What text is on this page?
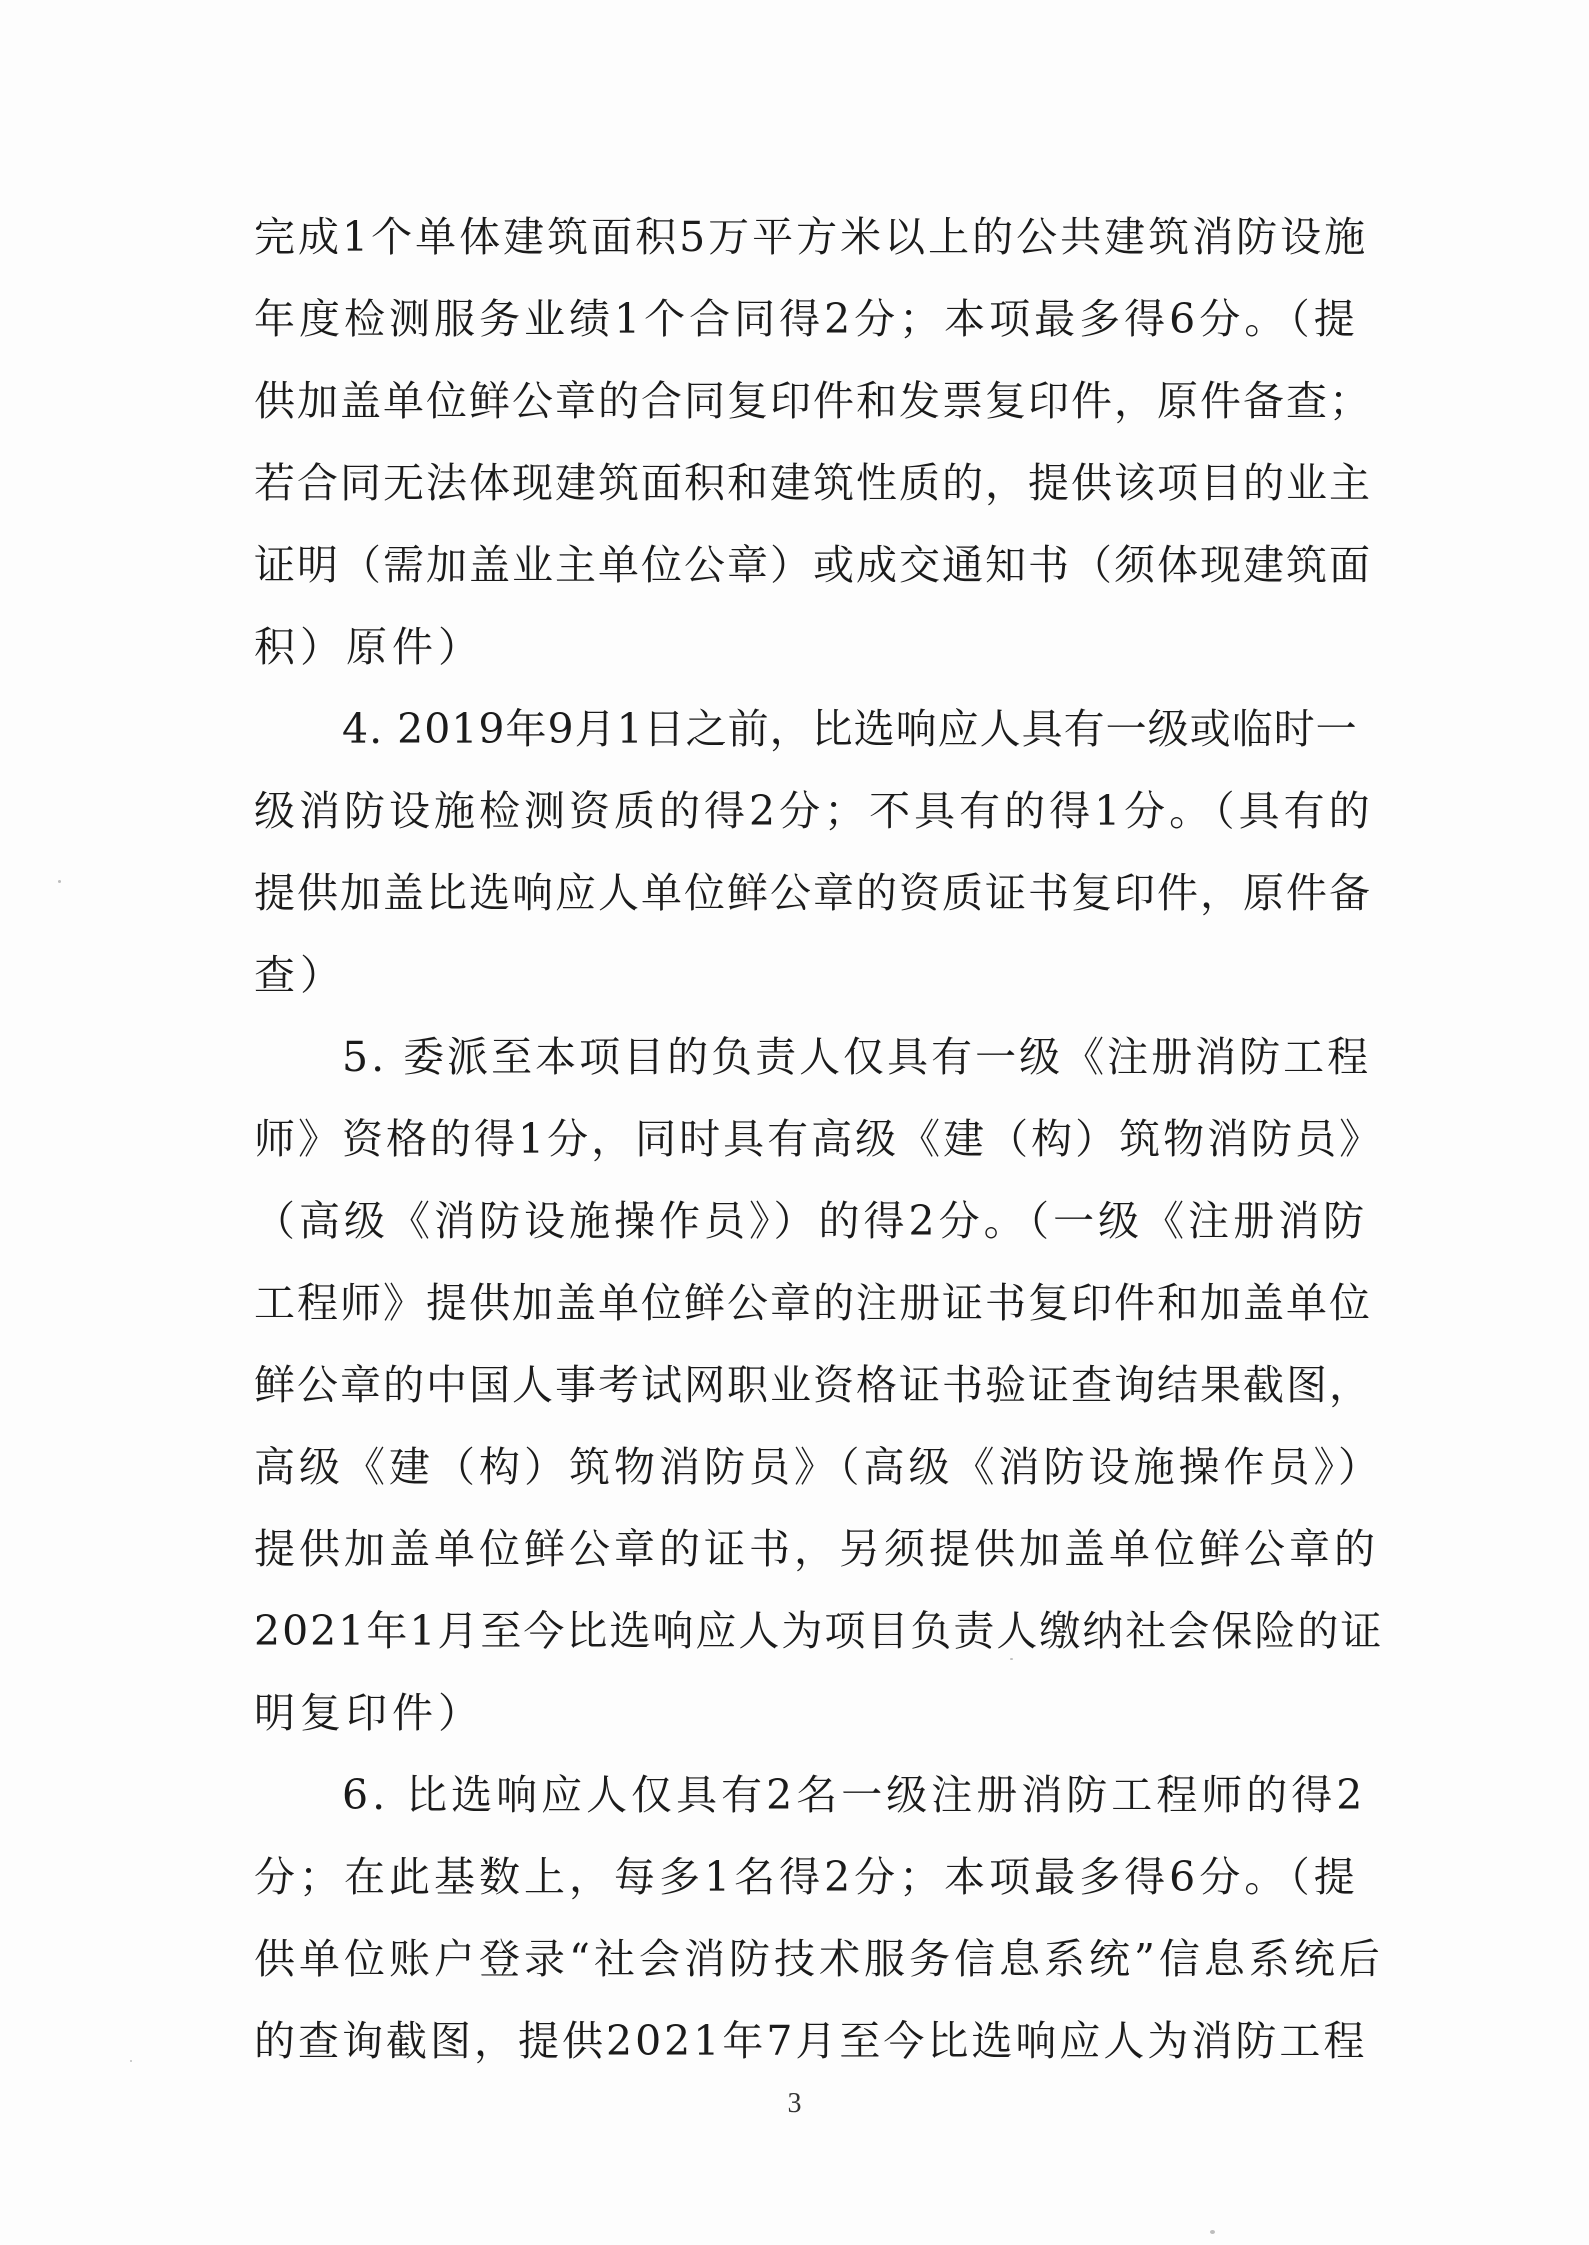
完成1个单体建筑面积5万平方米以上的公共建筑消防设施
年度检测服务业绩1个合同得2分；本项最多得6分。（提
供加盖单位鲜公章的合同复印件和发票复印件，原件备查；
若合同无法体现建筑面积和建筑性质的，提供该项目的业主
证明（需加盖业主单位公章）或成交通知书（须体现建筑面
积）原件）
4. 2019年9月1日之前，比选响应人具有一级或临时一
级消防设施检测资质的得2分；不具有的得1分。（具有的
提供加盖比选响应人单位鲜公章的资质证书复印件，原件备
查）
5. 委派至本项目的负责人仅具有一级《注册消防工程
师》资格的得1分，同时具有高级《建（构）筑物消防员》
（高级《消防设施操作员》）的得2分。（一级《注册消防
工程师》提供加盖单位鲜公章的注册证书复印件和加盖单位
鲜公章的中国人事考试网职业资格证书验证查询结果截图，
高级《建（构）筑物消防员》（高级《消防设施操作员》）
提供加盖单位鲜公章的证书，另须提供加盖单位鲜公章的
2021年1月至今比选响应人为项目负责人缴纳社会保险的证
明复印件）
6. 比选响应人仅具有2名一级注册消防工程师的得2
分；在此基数上，每多1名得2分；本项最多得6分。（提
供单位账户登录“社会消防技术服务信息系统”信息系统后
的查询截图，提供2021年7月至今比选响应人为消防工程
3
